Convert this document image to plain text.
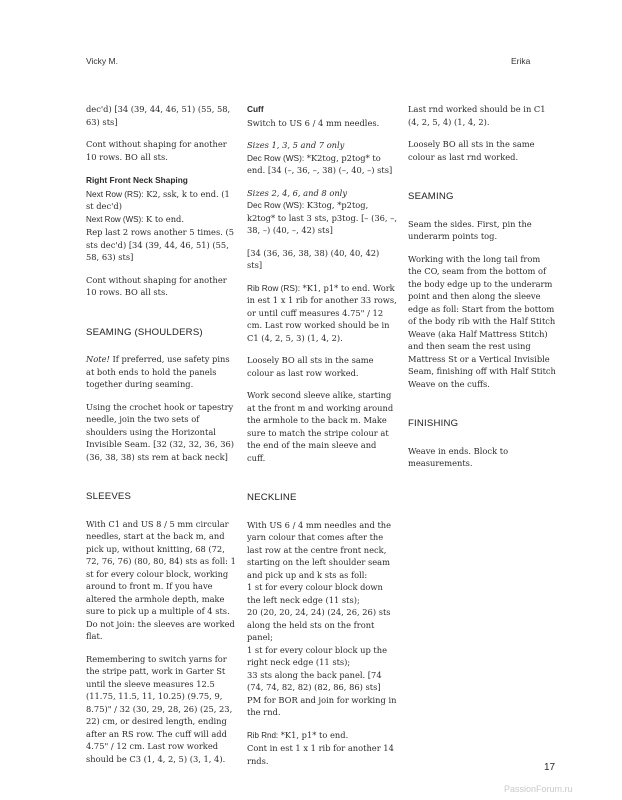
Vicky M.	Erika

dec'd) [34 (39, 44, 46, 51) (55, 58, 63) sts]

Cont without shaping for another 10 rows. BO all sts.

Right Front Neck Shaping

Next Row (RS): K2, ssk, k to end. (1 st dec'd)

Next Row (WS): K to end.

Rep last 2 rows another 5 times. (5 sts dec'd) [34 (39, 44, 46, 51) (55, 58, 63) sts]

Cont without shaping for another 10 rows. BO all sts.

SEAMING (SHOULDERS)

Note! If preferred, use safety pins at both ends to hold the panels together during seaming.

Using the crochet hook or tapestry needle, join the two sets of shoulders using the Horizontal Invisible Seam. [32 (32, 32, 36, 36) (36, 38, 38) sts rem at back neck]

SLEEVES

With C1 and US 8 / 5 mm circular needles, start at the back m, and pick up, without knitting, 68 (72, 72, 76, 76) (80, 80, 84) sts as foll: 1 st for every colour block, working around to front m. If you have altered the armhole depth, make sure to pick up a multiple of 4 sts. Do not join: the sleeves are worked flat.

Remembering to switch yarns for the stripe patt, work in Garter St until the sleeve measures 12.5 (11.75, 11.5, 11, 10.25) (9.75, 9, 8.75)" / 32 (30, 29, 28, 26) (25, 23, 22) cm, or desired length, ending after an RS row. The cuff will add 4.75" / 12 cm. Last row worked should be C3 (1, 4, 2, 5) (3, 1, 4).

Cuff

Switch to US 6 / 4 mm needles.

Sizes 1, 3, 5 and 7 only

Dec Row (WS): *K2tog, p2tog* to end. [34 (–, 36, –, 38) (–, 40, –) sts]

Sizes 2, 4, 6, and 8 only

Dec Row (WS): K3tog, *p2tog, k2tog* to last 3 sts, p3tog. [– (36, –, 38, –) (40, –, 42) sts]

[34 (36, 36, 38, 38) (40, 40, 42) sts]

Rib Row (RS): *K1, p1* to end. Work in est 1 x 1 rib for another 33 rows, or until cuff measures 4.75" / 12 cm. Last row worked should be in C1 (4, 2, 5, 3) (1, 4, 2).

Loosely BO all sts in the same colour as last row worked.

Work second sleeve alike, starting at the front m and working around the armhole to the back m. Make sure to match the stripe colour at the end of the main sleeve and cuff.

NECKLINE

With US 6 / 4 mm needles and the yarn colour that comes after the last row at the centre front neck, starting on the left shoulder seam and pick up and k sts as foll:

1 st for every colour block down the left neck edge (11 sts);

20 (20, 20, 24, 24) (24, 26, 26) sts along the held sts on the front panel;

1 st for every colour block up the right neck edge (11 sts);

33 sts along the back panel. [74 (74, 74, 82, 82) (82, 86, 86) sts]

PM for BOR and join for working in the rnd.

Rib Rnd: *K1, p1* to end.

Cont in est 1 x 1 rib for another 14 rnds.

Last rnd worked should be in C1 (4, 2, 5, 4) (1, 4, 2).

Loosely BO all sts in the same colour as last rnd worked.

SEAMING

Seam the sides. First, pin the underarm points tog.

Working with the long tail from the CO, seam from the bottom of the body edge up to the underarm point and then along the sleeve edge as foll: Start from the bottom of the body rib with the Half Stitch Weave (aka Half Mattress Stitch) and then seam the rest using Mattress St or a Vertical Invisible Seam, finishing off with Half Stitch Weave on the cuffs.

FINISHING

Weave in ends. Block to measurements.

17
PassionForum.ru
